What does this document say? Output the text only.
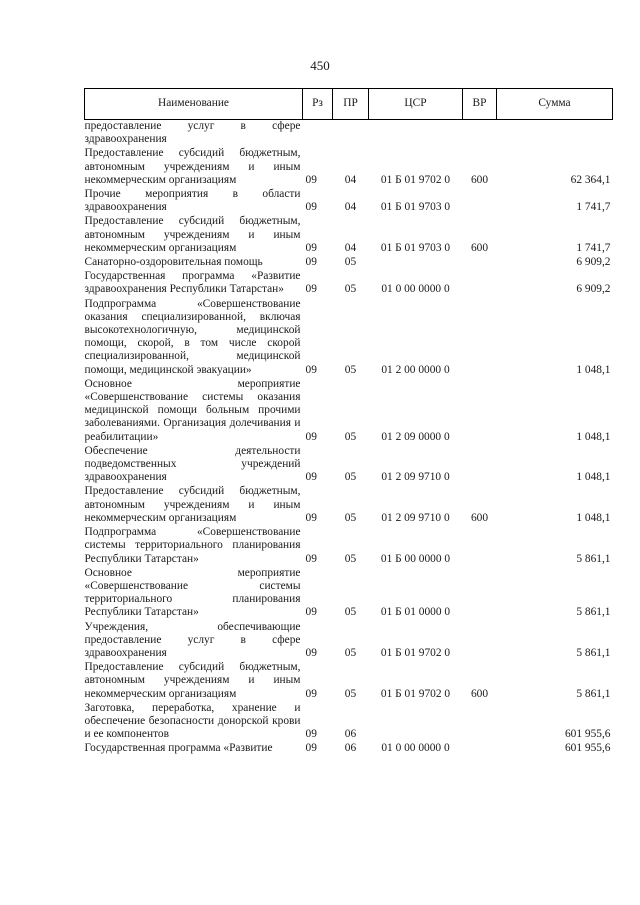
450
Наименование	Рз	ПР	ЦСР	ВР	Сумма
предоставление услуг в сфере здравоохранения					
Предоставление субсидий бюджетным, автономным учреждениям и иным некоммерческим организациям	09	04	01 Б 01 9702 0	600	62 364,1
Прочие мероприятия в области здравоохранения	09	04	01 Б 01 9703 0		1 741,7
Предоставление субсидий бюджетным, автономным учреждениям и иным некоммерческим организациям	09	04	01 Б 01 9703 0	600	1 741,7
Санаторно-оздоровительная помощь	09	05			6 909,2
Государственная программа «Развитие здравоохранения Республики Татарстан»	09	05	01 0 00 0000 0		6 909,2
Подпрограмма «Совершенствование оказания специализированной, включая высокотехнологичную, медицинской помощи, скорой, в том числе скорой специализированной, медицинской помощи, медицинской эвакуации»	09	05	01 2 00 0000 0		1 048,1
Основное мероприятие «Совершенствование системы оказания медицинской помощи больным прочими заболеваниями. Организация долечивания и реабилитации»	09	05	01 2 09 0000 0		1 048,1
Обеспечение деятельности подведомственных учреждений здравоохранения	09	05	01 2 09 9710 0		1 048,1
Предоставление субсидий бюджетным, автономным учреждениям и иным некоммерческим организациям	09	05	01 2 09 9710 0	600	1 048,1
Подпрограмма «Совершенствование системы территориального планирования Республики Татарстан»	09	05	01 Б 00 0000 0		5 861,1
Основное мероприятие «Совершенствование системы территориального планирования Республики Татарстан»	09	05	01 Б 01 0000 0		5 861,1
Учреждения, обеспечивающие предоставление услуг в сфере здравоохранения	09	05	01 Б 01 9702 0		5 861,1
Предоставление субсидий бюджетным, автономным учреждениям и иным некоммерческим организациям	09	05	01 Б 01 9702 0	600	5 861,1
Заготовка, переработка, хранение и обеспечение безопасности донорской крови и ее компонентов	09	06			601 955,6
Государственная программа «Развитие	09	06	01 0 00 0000 0		601 955,6
